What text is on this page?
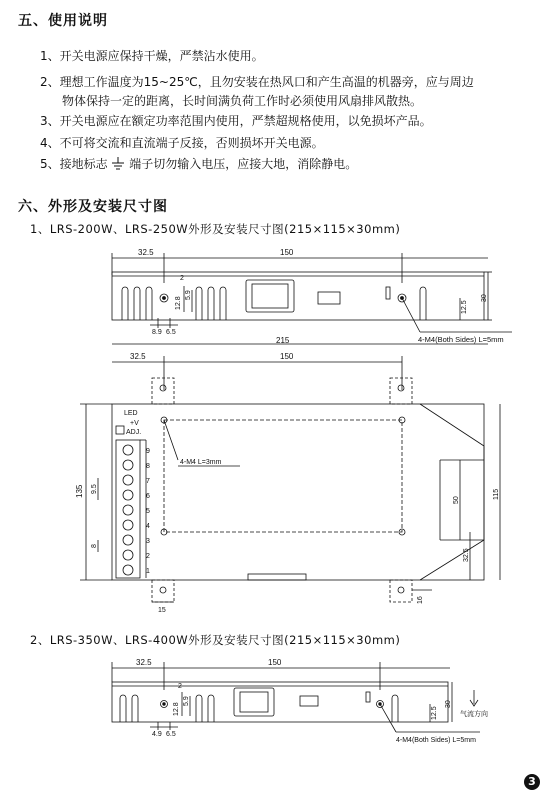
五、使用说明
1、开关电源应保持干燥，严禁沾水使用。
2、理想工作温度为15~25℃，且勿安装在热风口和产生高温的机器旁，应与周边
物体保持一定的距离，长时间满负荷工作时必须使用风扇排风散热。
3、开关电源应在额定功率范围内使用，严禁超规格使用，以免损坏产品。
4、不可将交流和直流端子反接，否则损坏开关电源。
5、接地标志 端子切勿输入电压，应接大地，消除静电。
六、外形及安装尺寸图
1、LRS-200W、LRS-250W外形及安装尺寸图(215×115×30mm)
32.5	150
2
12.8
5.9
8.9 6.5
12.5
30
4-M4(Both Sides) L=5mm
215
32.5	150
135 9.5
8
50
115
32.5
16
15
LED
+V
ADJ.
4-M4 L=3mm
9
8
7
6
5
4
3
2
1
2、LRS-350W、LRS-400W外形及安装尺寸图(215×115×30mm)
32.5	150
2
12.8
5.9
4.9 6.5
12.5
30
4-M4(Both Sides) L=5mm
气流方向
3
